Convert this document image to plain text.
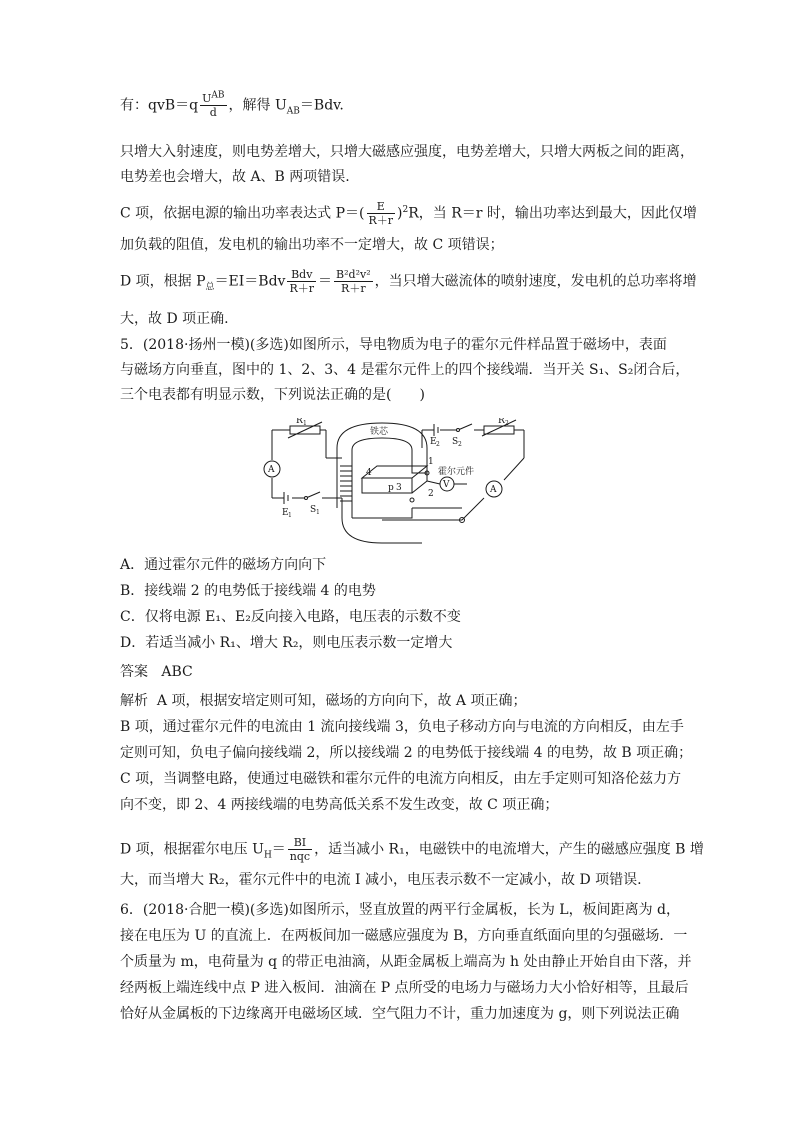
有：$qvB=q \frac{U^{AB}}{d}$ ，解得 $U_{AB}=Bdv$.
只增大入射速度，则电势差增大，只增大磁感应强度，电势差增大，只增大两板之间的距离，
电势差也会增大，故 A、B 两项错误.
C 项，依据电源的输出功率表达式 $P=( \frac{E}{R+r} )^2R$，当 R＝r 时，输出功率达到最大，因此仅增
加负载的阻值，发电机的输出功率不一定增大，故 C 项错误；
D 项，根据 $P_总=EI=Bdv \frac{\text{Bdv}}{R+r} = \frac{\text{B²d²v²}}{R+r}$ ，当只增大磁流体的喷射速度，发电机的总功率将增
大，故 D 项正确.
5．(2018·扬州一模)(多选)如图所示，导电物质为电子的霍尔元件样品置于磁场中，表面
与磁场方向垂直，图中的 1、2、3、4 是霍尔元件上的四个接线端．当开关 S₁、S₂闭合后，
三个电表都有明显示数，下列说法正确的是(　　)
A
A
V
R 1	R 2
铁芯
霍尔元件
E 1
S 1
E 2 S 2
1
2
3
4
p
A．通过霍尔元件的磁场方向向下
B．接线端 2 的电势低于接线端 4 的电势
C．仅将电源 E₁、E₂反向接入电路，电压表的示数不变
D．若适当减小 R₁、增大 R₂，则电压表示数一定增大
答案 ABC
解析 A 项，根据安培定则可知，磁场的方向向下，故 A 项正确；
B 项，通过霍尔元件的电流由 1 流向接线端 3，负电子移动方向与电流的方向相反，由左手
定则可知，负电子偏向接线端 2，所以接线端 2 的电势低于接线端 4 的电势，故 B 项正确；
C 项，当调整电路，使通过电磁铁和霍尔元件的电流方向相反，由左手定则可知洛伦兹力方
向不变，即 2、4 两接线端的电势高低关系不发生改变，故 C 项正确；
D 项，根据霍尔电压 $U_H= \frac{BI}{\text{nqc}}$ ，适当减小 R₁，电磁铁中的电流增大，产生的磁感应强度 B 增
大，而当增大 R₂，霍尔元件中的电流 I 减小，电压表示数不一定减小，故 D 项错误.
6．(2018·合肥一模)(多选)如图所示，竖直放置的两平行金属板，长为 L，板间距离为 d，
接在电压为 U 的直流上．在两板间加一磁感应强度为 B，方向垂直纸面向里的匀强磁场．一
个质量为 m，电荷量为 q 的带正电油滴，从距金属板上端高为 h 处由静止开始自由下落，并
经两板上端连线中点 P 进入板间．油滴在 P 点所受的电场力与磁场力大小恰好相等，且最后
恰好从金属板的下边缘离开电磁场区域．空气阻力不计，重力加速度为 g，则下列说法正确
